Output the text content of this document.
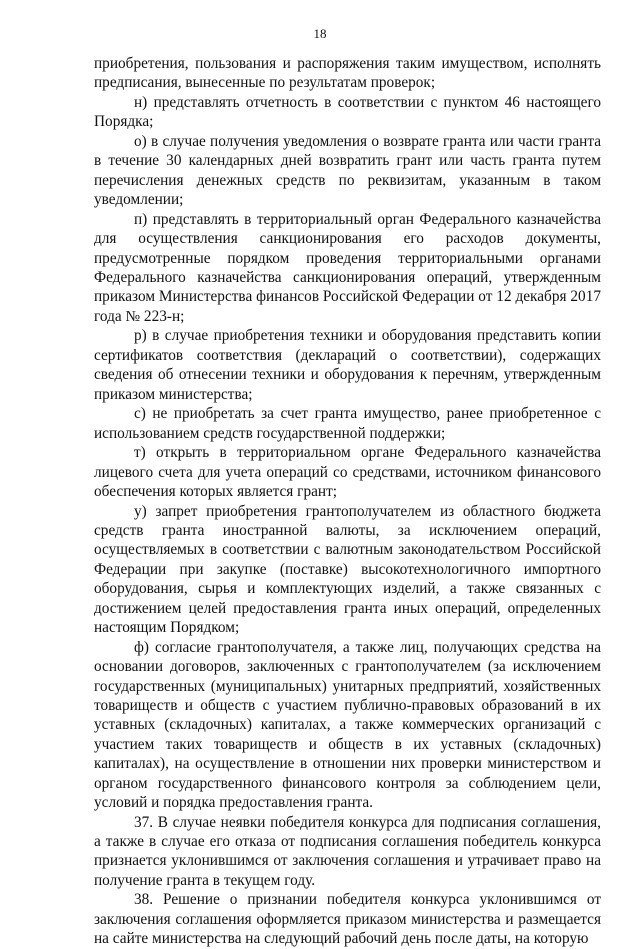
18

приобретения, пользования и распоряжения таким имуществом, исполнять предписания, вынесенные по результатам проверок;

н) представлять отчетность в соответствии с пунктом 46 настоящего Порядка;

о) в случае получения уведомления о возврате гранта или части гранта в течение 30 календарных дней возвратить грант или часть гранта путем перечисления денежных средств по реквизитам, указанным в таком уведомлении;

п) представлять в территориальный орган Федерального казначейства для осуществления санкционирования его расходов документы, предусмотренные порядком проведения территориальными органами Федерального казначейства санкционирования операций, утвержденным приказом Министерства финансов Российской Федерации от 12 декабря 2017 года № 223-н;

р) в случае приобретения техники и оборудования представить копии сертификатов соответствия (деклараций о соответствии), содержащих сведения об отнесении техники и оборудования к перечням, утвержденным приказом министерства;

с) не приобретать за счет гранта имущество, ранее приобретенное с использованием средств государственной поддержки;

т) открыть в территориальном органе Федерального казначейства лицевого счета для учета операций со средствами, источником финансового обеспечения которых является грант;

у) запрет приобретения грантополучателем из областного бюджета средств гранта иностранной валюты, за исключением операций, осуществляемых в соответствии с валютным законодательством Российской Федерации при закупке (поставке) высокотехнологичного импортного оборудования, сырья и комплектующих изделий, а также связанных с достижением целей предоставления гранта иных операций, определенных настоящим Порядком;

ф) согласие грантополучателя, а также лиц, получающих средства на основании договоров, заключенных с грантополучателем (за исключением государственных (муниципальных) унитарных предприятий, хозяйственных товариществ и обществ с участием публично-правовых образований в их уставных (складочных) капиталах, а также коммерческих организаций с участием таких товариществ и обществ в их уставных (складочных) капиталах), на осуществление в отношении них проверки министерством и органом государственного финансового контроля за соблюдением цели, условий и порядка предоставления гранта.

37. В случае неявки победителя конкурса для подписания соглашения, а также в случае его отказа от подписания соглашения победитель конкурса признается уклонившимся от заключения соглашения и утрачивает право на получение гранта в текущем году.

38. Решение о признании победителя конкурса уклонившимся от заключения соглашения оформляется приказом министерства и размещается на сайте министерства на следующий рабочий день после даты, на которую
